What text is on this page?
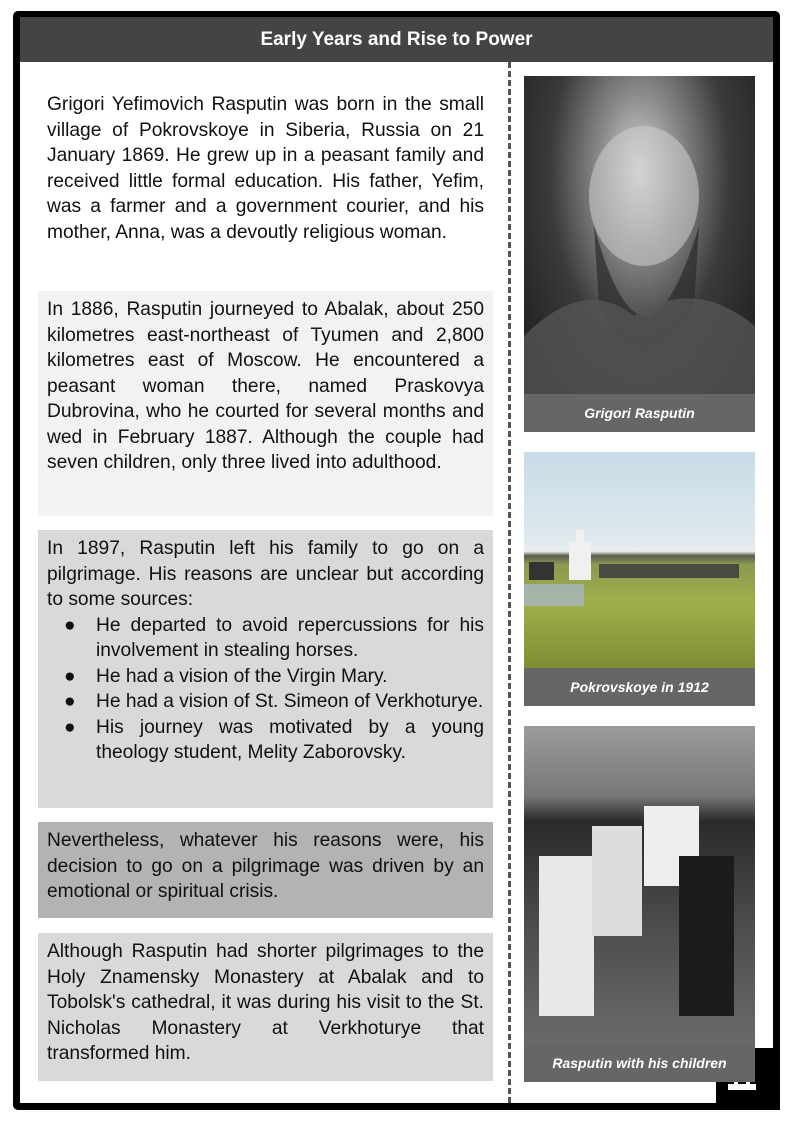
Early Years and Rise to Power

Grigori Yefimovich Rasputin was born in the small village of Pokrovskoye in Siberia, Russia on 21 January 1869. He grew up in a peasant family and received little formal education. His father, Yefim, was a farmer and a government courier, and his mother, Anna, was a devoutly religious woman.

In 1886, Rasputin journeyed to Abalak, about 250 kilometres east-northeast of Tyumen and 2,800 kilometres east of Moscow. He encountered a peasant woman there, named Praskovya Dubrovina, who he courted for several months and wed in February 1887. Although the couple had seven children, only three lived into adulthood.

In 1897, Rasputin left his family to go on a pilgrimage. His reasons are unclear but according to some sources:

● He departed to avoid repercussions for his involvement in stealing horses.
● He had a vision of the Virgin Mary.
● He had a vision of St. Simeon of Verkhoturye.
● His journey was motivated by a young theology student, Melity Zaborovsky.

Nevertheless, whatever his reasons were, his decision to go on a pilgrimage was driven by an emotional or spiritual crisis.

Although Rasputin had shorter pilgrimages to the Holy Znamensky Monastery at Abalak and to Tobolsk's cathedral, it was during his visit to the St. Nicholas Monastery at Verkhoturye that transformed him.

Grigori Rasputin
Pokrovskoye in 1912
Rasputin with his children
